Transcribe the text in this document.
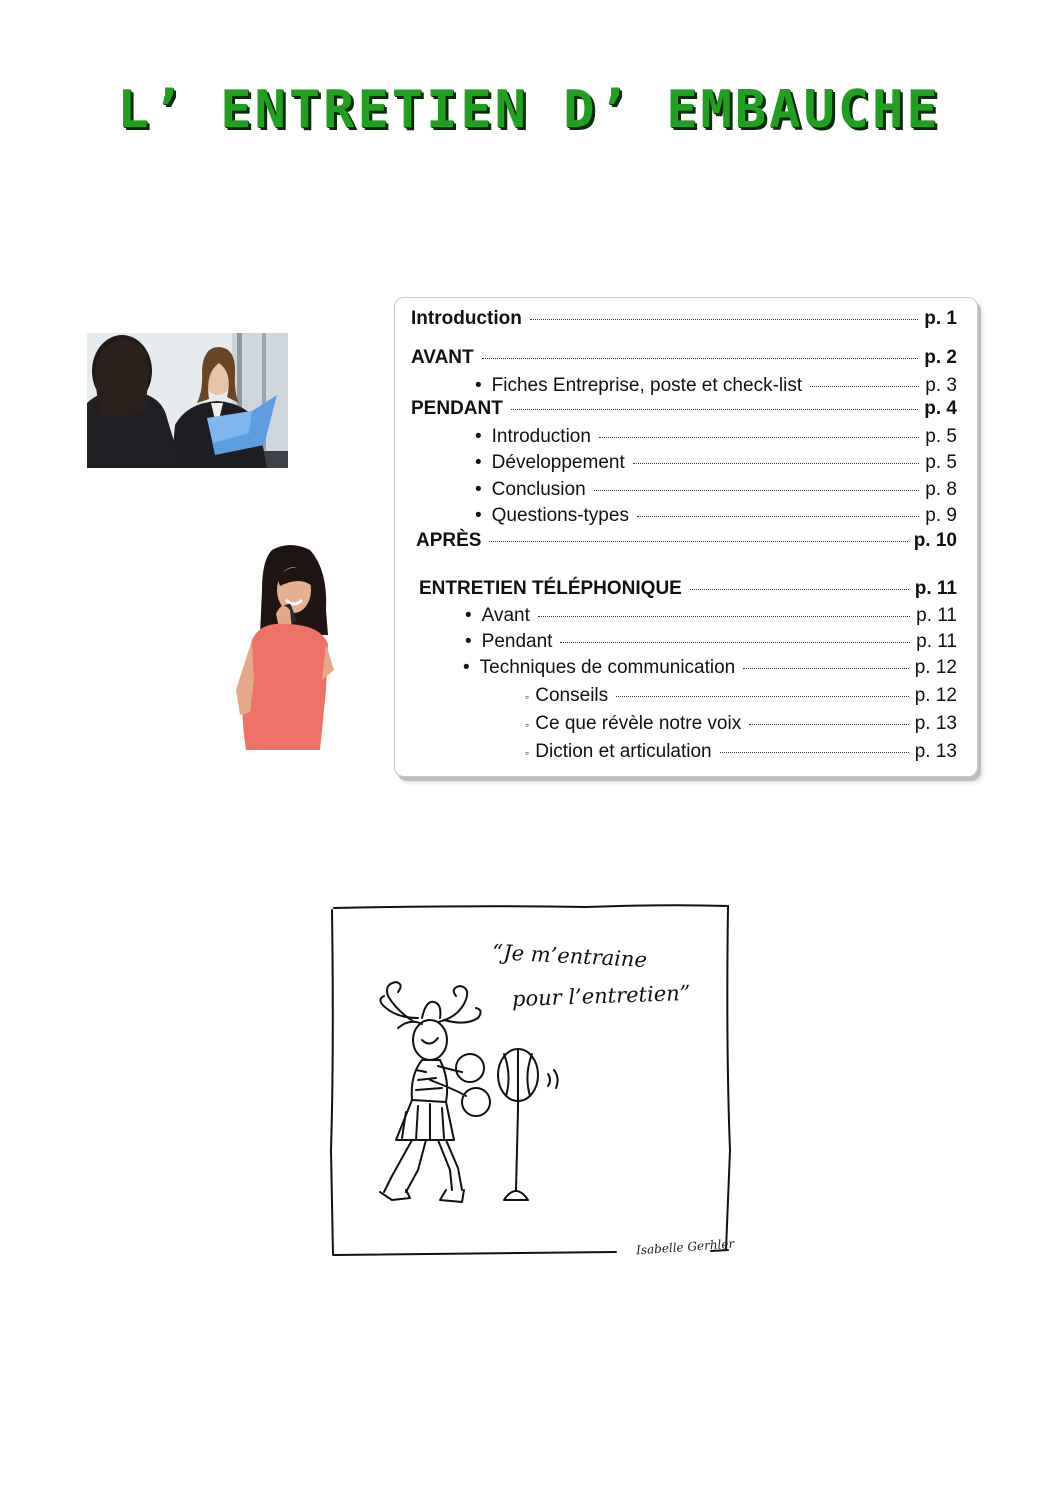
L’ ENTRETIEN D’ EMBAUCHE
Introduction	p. 1
AVANT	p. 2
• Fiches Entreprise, poste et check-list	p. 3
PENDANT	p. 4
• Introduction	p. 5
• Développement	p. 5
• Conclusion	p. 8
• Questions-types	p. 9
APRÈS	p. 10
ENTRETIEN TÉLÉPHONIQUE	p. 11
• Avant	p. 11
• Pendant	p. 11
• Techniques de communication	p. 12
◦ Conseils	p. 12
◦ Ce que révèle notre voix	p. 13
◦ Diction et articulation	p. 13
“Je m’entraine
pour l’entretien”
Isabelle Gerhler
